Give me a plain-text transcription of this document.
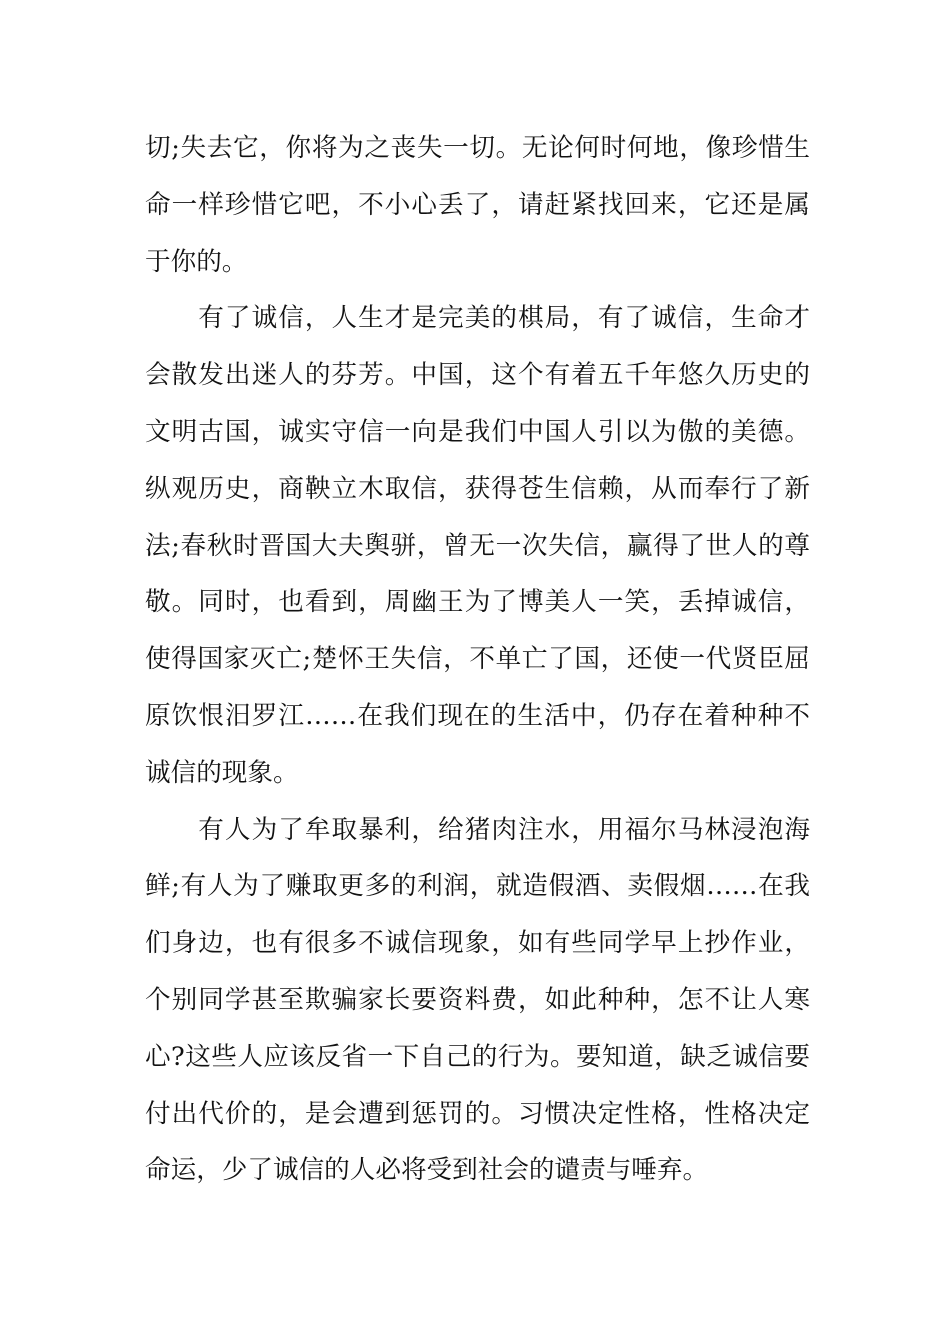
切;失去它，你将为之丧失一切。无论何时何地，像珍惜生
命一样珍惜它吧，不小心丢了，请赶紧找回来，它还是属
于你的。
　　有了诚信，人生才是完美的棋局，有了诚信，生命才
会散发出迷人的芬芳。中国，这个有着五千年悠久历史的
文明古国，诚实守信一向是我们中国人引以为傲的美德。
纵观历史，商鞅立木取信，获得苍生信赖，从而奉行了新
法;春秋时晋国大夫舆骈，曾无一次失信，赢得了世人的尊
敬。同时，也看到，周幽王为了博美人一笑，丢掉诚信，
使得国家灭亡;楚怀王失信，不单亡了国，还使一代贤臣屈
原饮恨汨罗江……在我们现在的生活中，仍存在着种种不
诚信的现象。
　　有人为了牟取暴利，给猪肉注水，用福尔马林浸泡海
鲜;有人为了赚取更多的利润，就造假酒、卖假烟……在我
们身边，也有很多不诚信现象，如有些同学早上抄作业，
个别同学甚至欺骗家长要资料费，如此种种，怎不让人寒
心?这些人应该反省一下自己的行为。要知道，缺乏诚信要
付出代价的，是会遭到惩罚的。习惯决定性格，性格决定
命运，少了诚信的人必将受到社会的谴责与唾弃。
